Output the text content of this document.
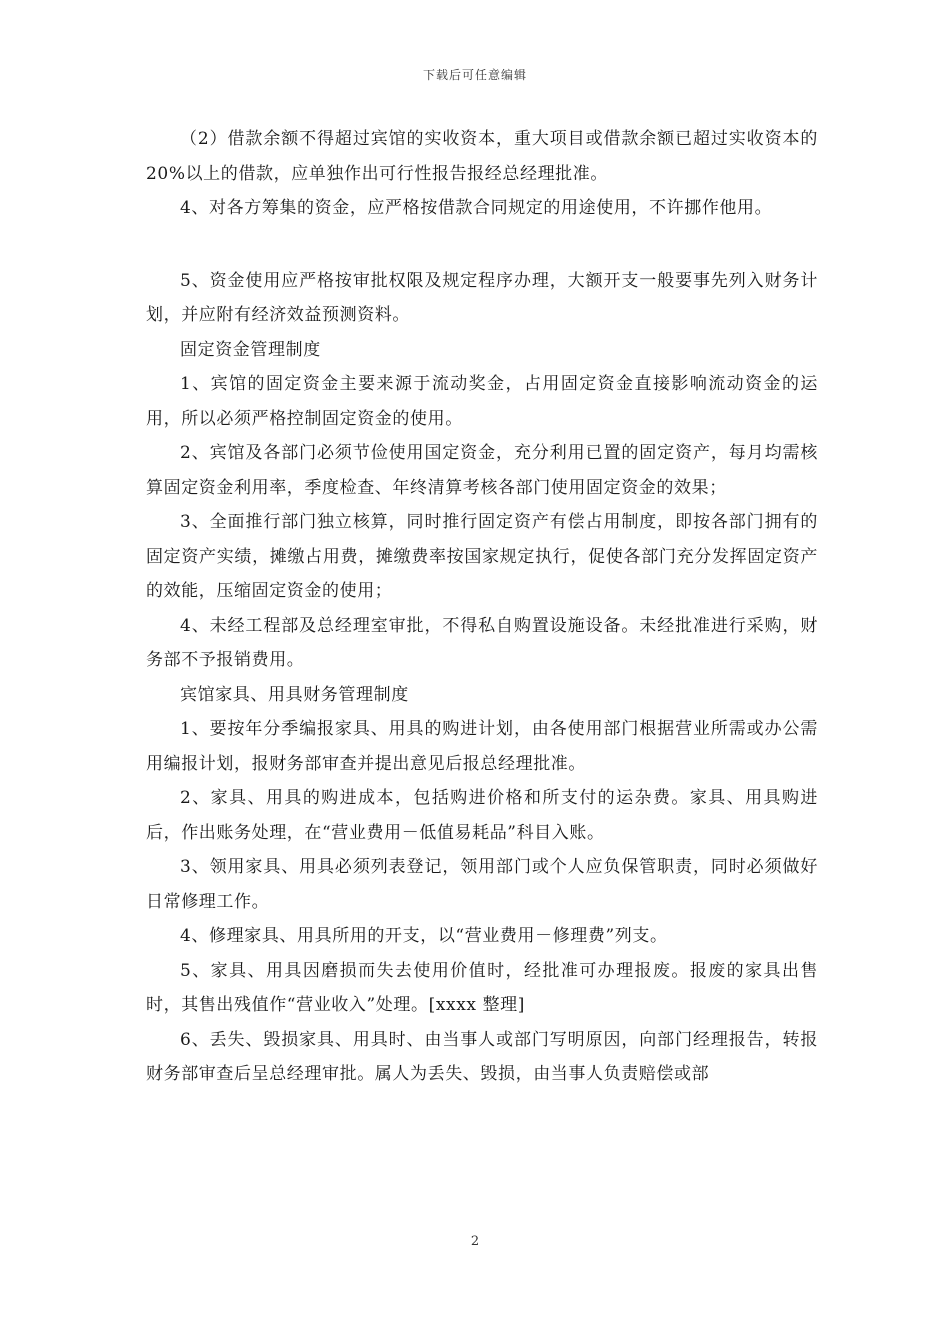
下载后可任意编辑

（2）借款余额不得超过宾馆的实收资本，重大项目或借款余额已超过实收资本的20%以上的借款，应单独作出可行性报告报经总经理批准。

4、对各方筹集的资金，应严格按借款合同规定的用途使用，不许挪作他用。

5、资金使用应严格按审批权限及规定程序办理，大额开支一般要事先列入财务计划，并应附有经济效益预测资料。

固定资金管理制度

1、宾馆的固定资金主要来源于流动奖金，占用固定资金直接影响流动资金的运用，所以必须严格控制固定资金的使用。

2、宾馆及各部门必须节俭使用国定资金，充分利用已置的固定资产，每月均需核算固定资金利用率，季度检查、年终清算考核各部门使用固定资金的效果；

3、全面推行部门独立核算，同时推行固定资产有偿占用制度，即按各部门拥有的固定资产实绩，摊缴占用费，摊缴费率按国家规定执行，促使各部门充分发挥固定资产的效能，压缩固定资金的使用；

4、未经工程部及总经理室审批，不得私自购置设施设备。未经批准进行采购，财务部不予报销费用。

宾馆家具、用具财务管理制度

1、要按年分季编报家具、用具的购进计划，由各使用部门根据营业所需或办公需用编报计划，报财务部审查并提出意见后报总经理批准。

2、家具、用具的购进成本，包括购进价格和所支付的运杂费。家具、用具购进后，作出账务处理，在“营业费用－低值易耗品”科目入账。

3、领用家具、用具必须列表登记，领用部门或个人应负保管职责，同时必须做好日常修理工作。

4、修理家具、用具所用的开支，以“营业费用－修理费”列支。

5、家具、用具因磨损而失去使用价值时，经批准可办理报废。报废的家具出售时，其售出残值作“营业收入”处理。[xxxx 整理]

6、丢失、毁损家具、用具时、由当事人或部门写明原因，向部门经理报告，转报财务部审查后呈总经理审批。属人为丢失、毁损，由当事人负责赔偿或部

2
